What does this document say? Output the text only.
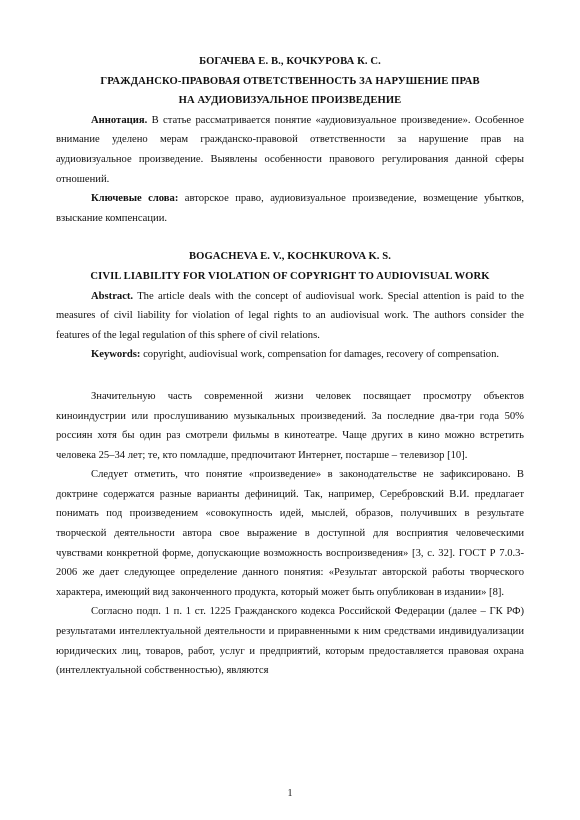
БОГАЧЕВА Е. В., КОЧКУРОВА К. С.
ГРАЖДАНСКО-ПРАВОВАЯ ОТВЕТСТВЕННОСТЬ ЗА НАРУШЕНИЕ ПРАВ
НА АУДИОВИЗУАЛЬНОЕ ПРОИЗВЕДЕНИЕ

Аннотация. В статье рассматривается понятие «аудиовизуальное произведение». Особенное внимание уделено мерам гражданско-правовой ответственности за нарушение прав на аудиовизуальное произведение. Выявлены особенности правового регулирования данной сферы отношений.

Ключевые слова: авторское право, аудиовизуальное произведение, возмещение убытков, взыскание компенсации.

BOGACHEVA E. V., KOCHKUROVA K. S.
CIVIL LIABILITY FOR VIOLATION OF COPYRIGHT TO AUDIOVISUAL WORK

Abstract. The article deals with the concept of audiovisual work. Special attention is paid to the measures of civil liability for violation of legal rights to an audiovisual work. The authors consider the features of the legal regulation of this sphere of civil relations.

Keywords: copyright, audiovisual work, compensation for damages, recovery of compensation.

Значительную часть современной жизни человек посвящает просмотру объектов киноиндустрии или прослушиванию музыкальных произведений. За последние два-три года 50% россиян хотя бы один раз смотрели фильмы в кинотеатре. Чаще других в кино можно встретить человека 25–34 лет; те, кто помладше, предпочитают Интернет, постарше – телевизор [10].

Следует отметить, что понятие «произведение» в законодательстве не зафиксировано. В доктрине содержатся разные варианты дефиниций. Так, например, Серебровский В.И. предлагает понимать под произведением «совокупность идей, мыслей, образов, получивших в результате творческой деятельности автора свое выражение в доступной для восприятия человеческими чувствами конкретной форме, допускающие возможность воспроизведения» [3, с. 32]. ГОСТ Р 7.0.3-2006 же дает следующее определение данного понятия: «Результат авторской работы творческого характера, имеющий вид законченного продукта, который может быть опубликован в издании» [8].

Согласно подп. 1 п. 1 ст. 1225 Гражданского кодекса Российской Федерации (далее – ГК РФ) результатами интеллектуальной деятельности и приравненными к ним средствами индивидуализации юридических лиц, товаров, работ, услуг и предприятий, которым предоставляется правовая охрана (интеллектуальной собственностью), являются

1
